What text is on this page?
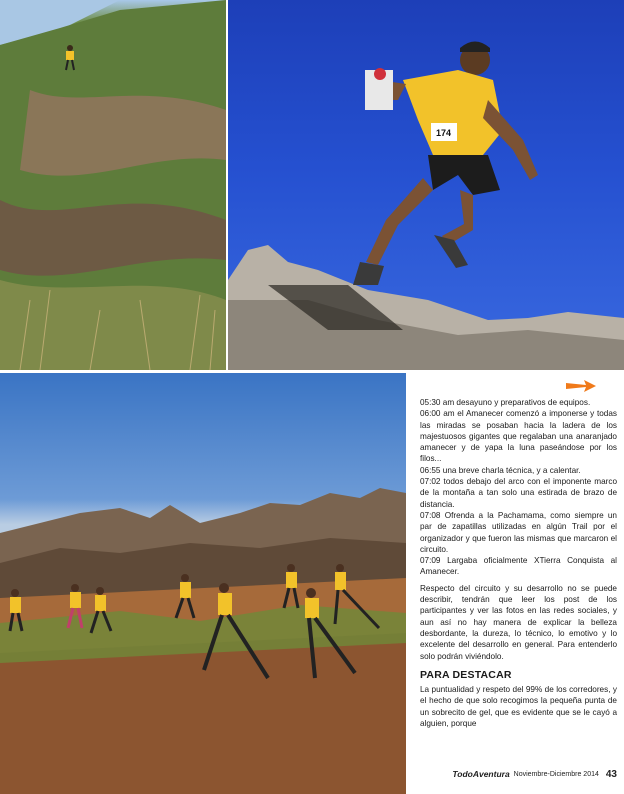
174

05:30 am desayuno y preparativos de equipos.
06:00 am el Amanecer comenzó a imponerse y todas las miradas se posaban hacia la ladera de los majestuosos gigantes que regalaban una anaranjado amanecer y de yapa la luna paseándose por los filos...
06:55 una breve charla técnica, y a calentar.
07:02 todos debajo del arco con el imponente marco de la montaña a tan solo una estirada de brazo de distancia.
07:08 Ofrenda a la Pachamama, como siempre un par de zapatillas utilizadas en algún Trail por el organizador y que fueron las mismas que marcaron el circuito.
07:09 Largaba oficialmente XTierra Conquista al Amanecer.

Respecto del circuito y su desarrollo no se puede describir, tendrán que leer los post de los participantes y ver las fotos en las redes sociales, y aun así no hay manera de explicar la belleza desbordante, la dureza, lo técnico, lo emotivo y lo excelente del desarrollo en general. Para entenderlo solo podrán viviéndolo.

PARA DESTACAR

La puntualidad y respeto del 99% de los corredores, y el hecho de que solo recogimos la pequeña punta de un sobrecito de gel, que es evidente que se le cayó a alguien, porque

TodoAventura Noviembre-Diciembre 2014 43
